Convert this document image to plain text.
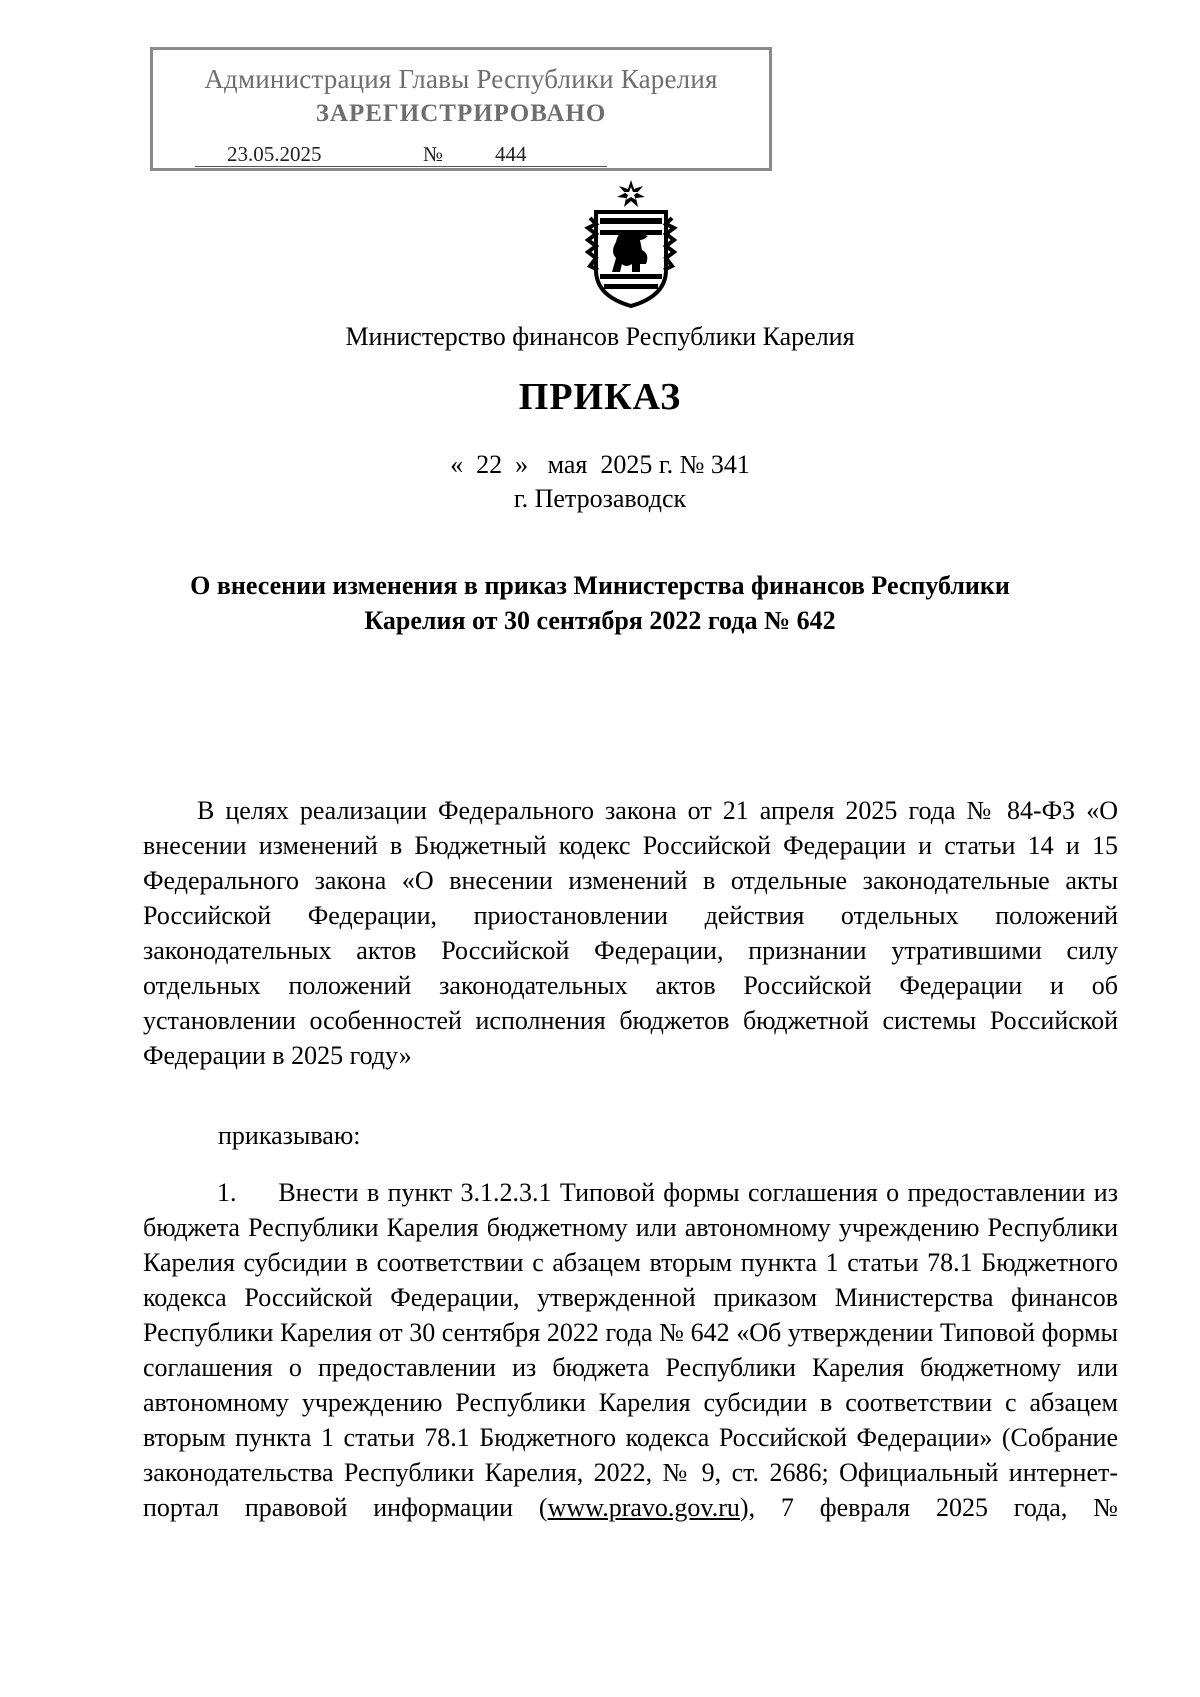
Администрация Главы Республики Карелия
ЗАРЕГИСТРИРОВАНО
23.05.2025	№ 444
Министерство финансов Республики Карелия
ПРИКАЗ
«  22  »   мая  2025 г. № 341
г. Петрозаводск
О внесении изменения в приказ Министерства финансов Республики
Карелия от 30 сентября 2022 года № 642
В целях реализации Федерального закона от 21 апреля 2025 года № 84-ФЗ «О внесении изменений в Бюджетный кодекс Российской Федерации и статьи 14 и 15 Федерального закона «О внесении изменений в отдельные законодательные акты Российской Федерации, приостановлении действия отдельных положений законодательных актов Российской Федерации, признании утратившими силу отдельных положений законодательных актов Российской Федерации и об установлении особенностей исполнения бюджетов бюджетной системы Российской Федерации в 2025 году»
приказываю:
1.     Внести в пункт 3.1.2.3.1 Типовой формы соглашения о предоставлении из бюджета Республики Карелия бюджетному или автономному учреждению Республики Карелия субсидии в соответствии с абзацем вторым пункта 1 статьи 78.1 Бюджетного кодекса Российской Федерации, утвержденной приказом Министерства финансов Республики Карелия от 30 сентября 2022 года № 642 «Об утверждении Типовой формы соглашения о предоставлении из бюджета Республики Карелия бюджетному или автономному учреждению Республики Карелия субсидии в соответствии с абзацем вторым пункта 1 статьи 78.1 Бюджетного кодекса Российской Федерации» (Собрание законодательства Республики Карелия, 2022, № 9, ст. 2686; Официальный интернет-портал правовой информации (www.pravo.gov.ru), 7 февраля 2025 года, №
